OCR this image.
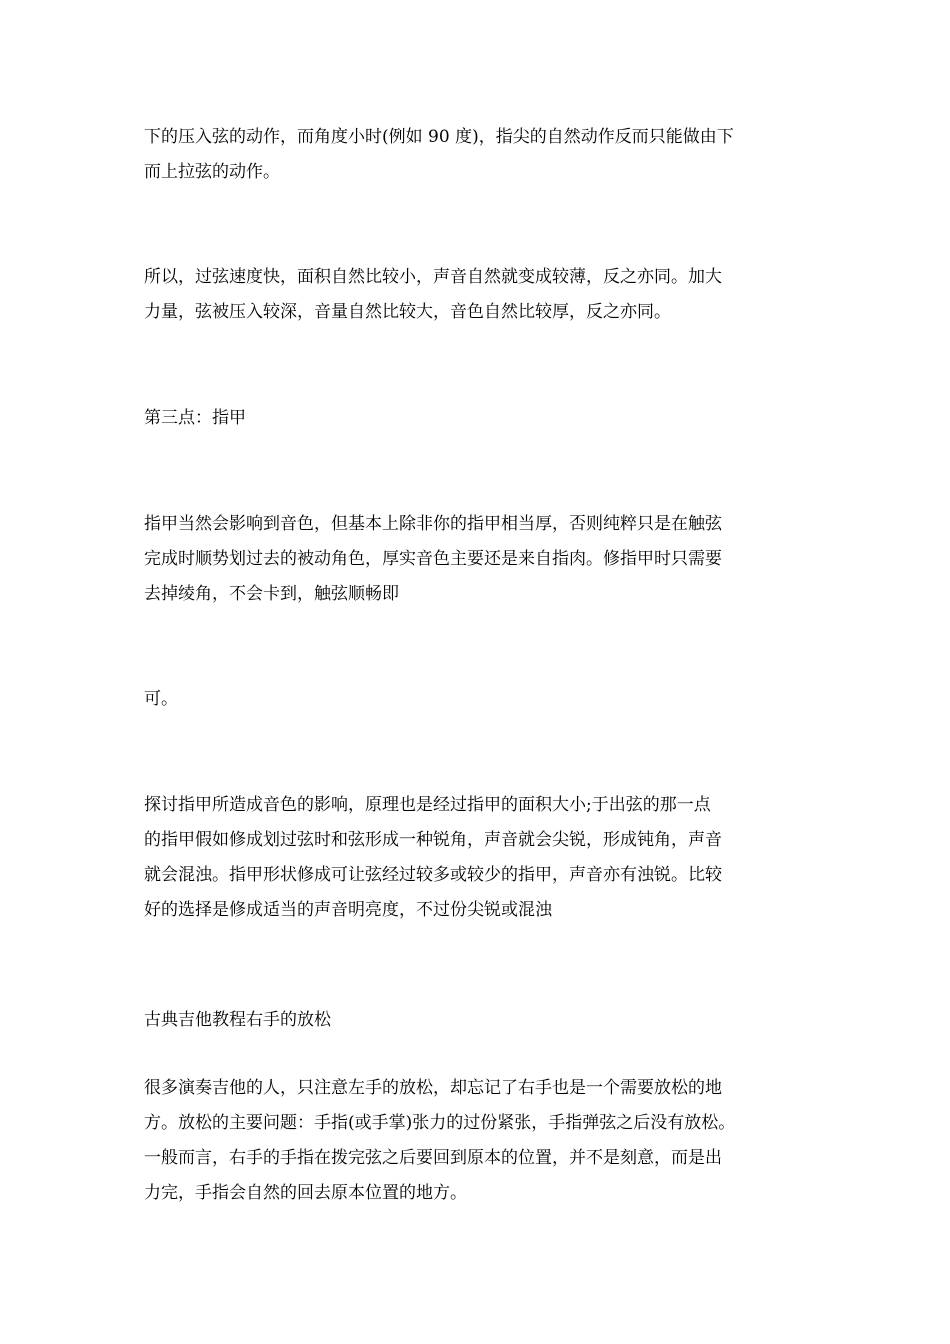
下的压入弦的动作，而角度小时(例如 90 度)，指尖的自然动作反而只能做由下
而上拉弦的动作。
所以，过弦速度快，面积自然比较小，声音自然就变成较薄，反之亦同。加大
力量，弦被压入较深，音量自然比较大，音色自然比较厚，反之亦同。
第三点：指甲
指甲当然会影响到音色，但基本上除非你的指甲相当厚，否则纯粹只是在触弦
完成时顺势划过去的被动角色，厚实音色主要还是来自指肉。修指甲时只需要
去掉绫角，不会卡到，触弦顺畅即
可。
探讨指甲所造成音色的影响，原理也是经过指甲的面积大小;于出弦的那一点
的指甲假如修成划过弦时和弦形成一种锐角，声音就会尖锐，形成钝角，声音
就会混浊。指甲形状修成可让弦经过较多或较少的指甲，声音亦有浊锐。比较
好的选择是修成适当的声音明亮度，不过份尖锐或混浊
古典吉他教程右手的放松
很多演奏吉他的人，只注意左手的放松，却忘记了右手也是一个需要放松的地
方。放松的主要问题：手指(或手掌)张力的过份紧张，手指弹弦之后没有放松。
一般而言，右手的手指在拨完弦之后要回到原本的位置，并不是刻意，而是出
力完，手指会自然的回去原本位置的地方。
